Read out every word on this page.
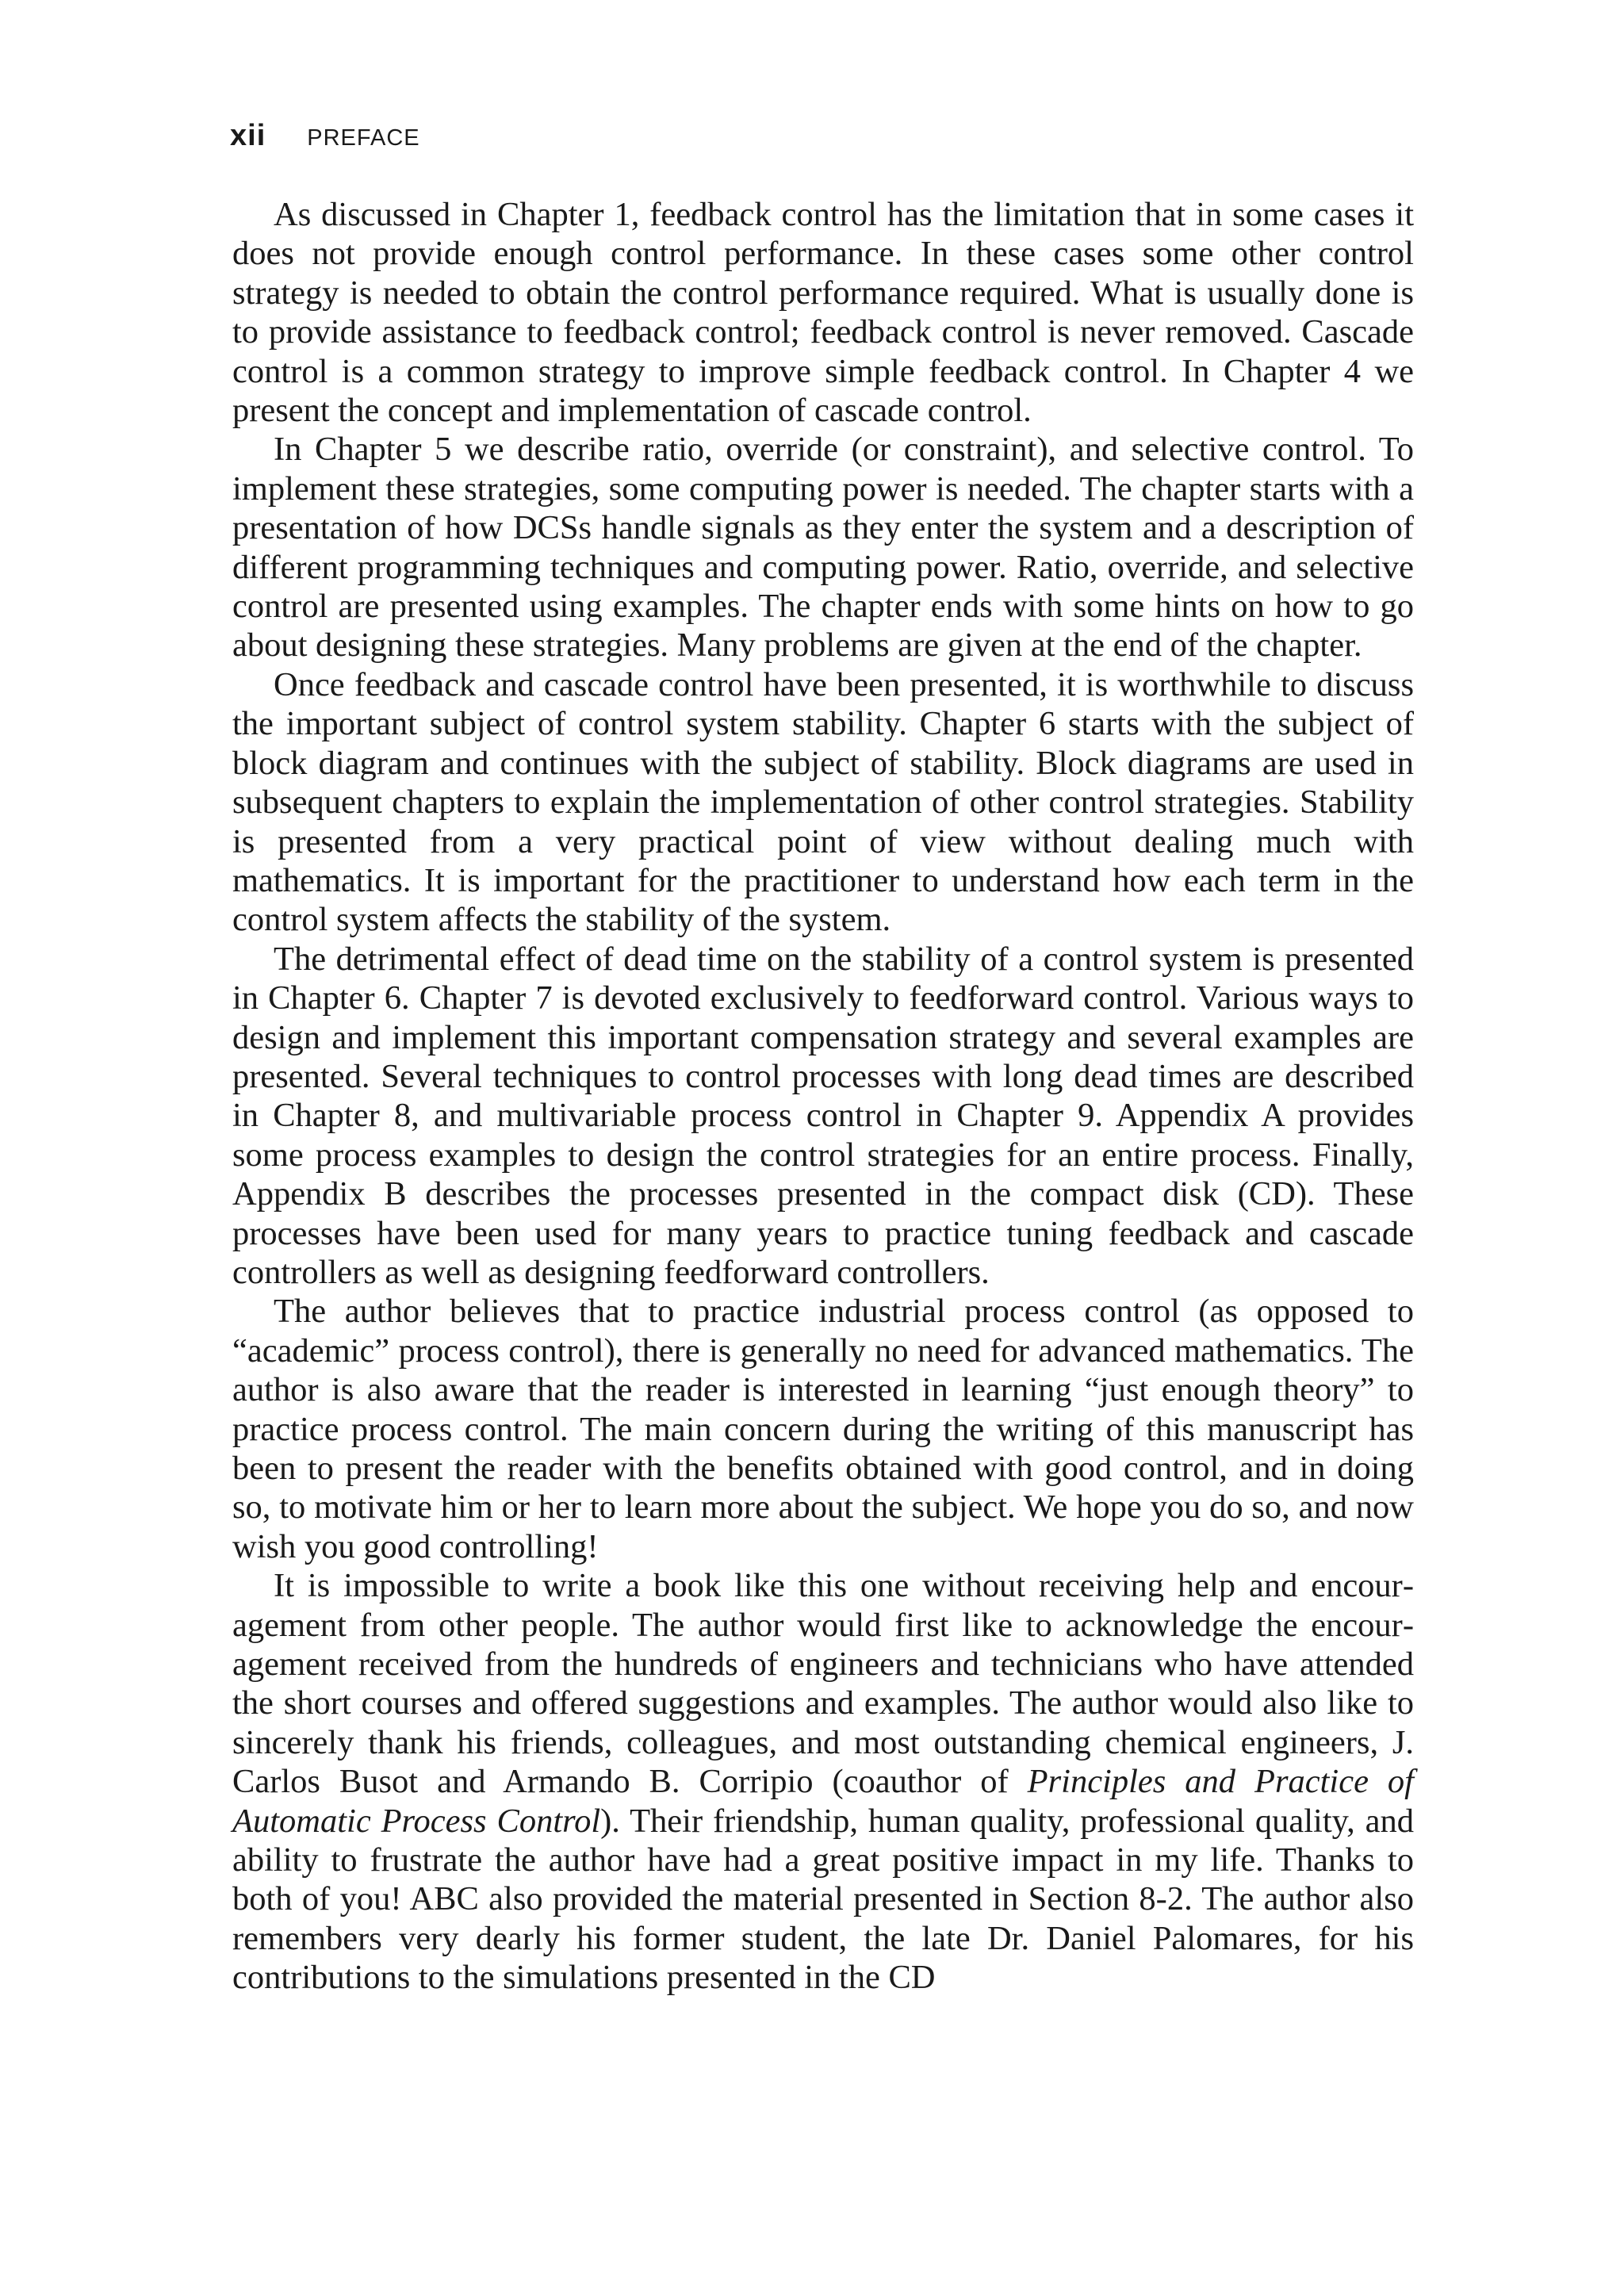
xii PREFACE

As discussed in Chapter 1, feedback control has the limitation that in some cases it does not provide enough control performance. In these cases some other control strategy is needed to obtain the control performance required. What is usually done is to provide assistance to feedback control; feedback control is never removed. Cascade control is a common strategy to improve simple feedback control. In Chapter 4 we present the concept and implementation of cascade control.

In Chapter 5 we describe ratio, override (or constraint), and selective control. To implement these strategies, some computing power is needed. The chapter starts with a presentation of how DCSs handle signals as they enter the system and a description of different programming techniques and computing power. Ratio, override, and selective control are presented using examples. The chapter ends with some hints on how to go about designing these strategies. Many problems are given at the end of the chapter.

Once feedback and cascade control have been presented, it is worthwhile to discuss the important subject of control system stability. Chapter 6 starts with the subject of block diagram and continues with the subject of stability. Block diagrams are used in subsequent chapters to explain the implementation of other control strategies. Stability is presented from a very practical point of view without dealing much with mathematics. It is important for the practitioner to understand how each term in the control system affects the stability of the system.

The detrimental effect of dead time on the stability of a control system is presented in Chapter 6. Chapter 7 is devoted exclusively to feedforward control. Various ways to design and implement this important compensation strategy and several examples are presented. Several techniques to control processes with long dead times are described in Chapter 8, and multivariable process control in Chapter 9. Appendix A provides some process examples to design the control strategies for an entire process. Finally, Appendix B describes the processes presented in the compact disk (CD). These processes have been used for many years to practice tuning feedback and cascade controllers as well as designing feedforward controllers.

The author believes that to practice industrial process control (as opposed to “academic” process control), there is generally no need for advanced mathematics. The author is also aware that the reader is interested in learning “just enough theory” to practice process control. The main concern during the writing of this manuscript has been to present the reader with the benefits obtained with good control, and in doing so, to motivate him or her to learn more about the subject. We hope you do so, and now wish you good controlling!

It is impossible to write a book like this one without receiving help and encouragement from other people. The author would first like to acknowledge the encouragement received from the hundreds of engineers and technicians who have attended the short courses and offered suggestions and examples. The author would also like to sincerely thank his friends, colleagues, and most outstanding chemical engineers, J. Carlos Busot and Armando B. Corripio (coauthor of Principles and Practice of Automatic Process Control). Their friendship, human quality, professional quality, and ability to frustrate the author have had a great positive impact in my life. Thanks to both of you! ABC also provided the material presented in Section 8-2. The author also remembers very dearly his former student, the late Dr. Daniel Palomares, for his contributions to the simulations presented in the CD
